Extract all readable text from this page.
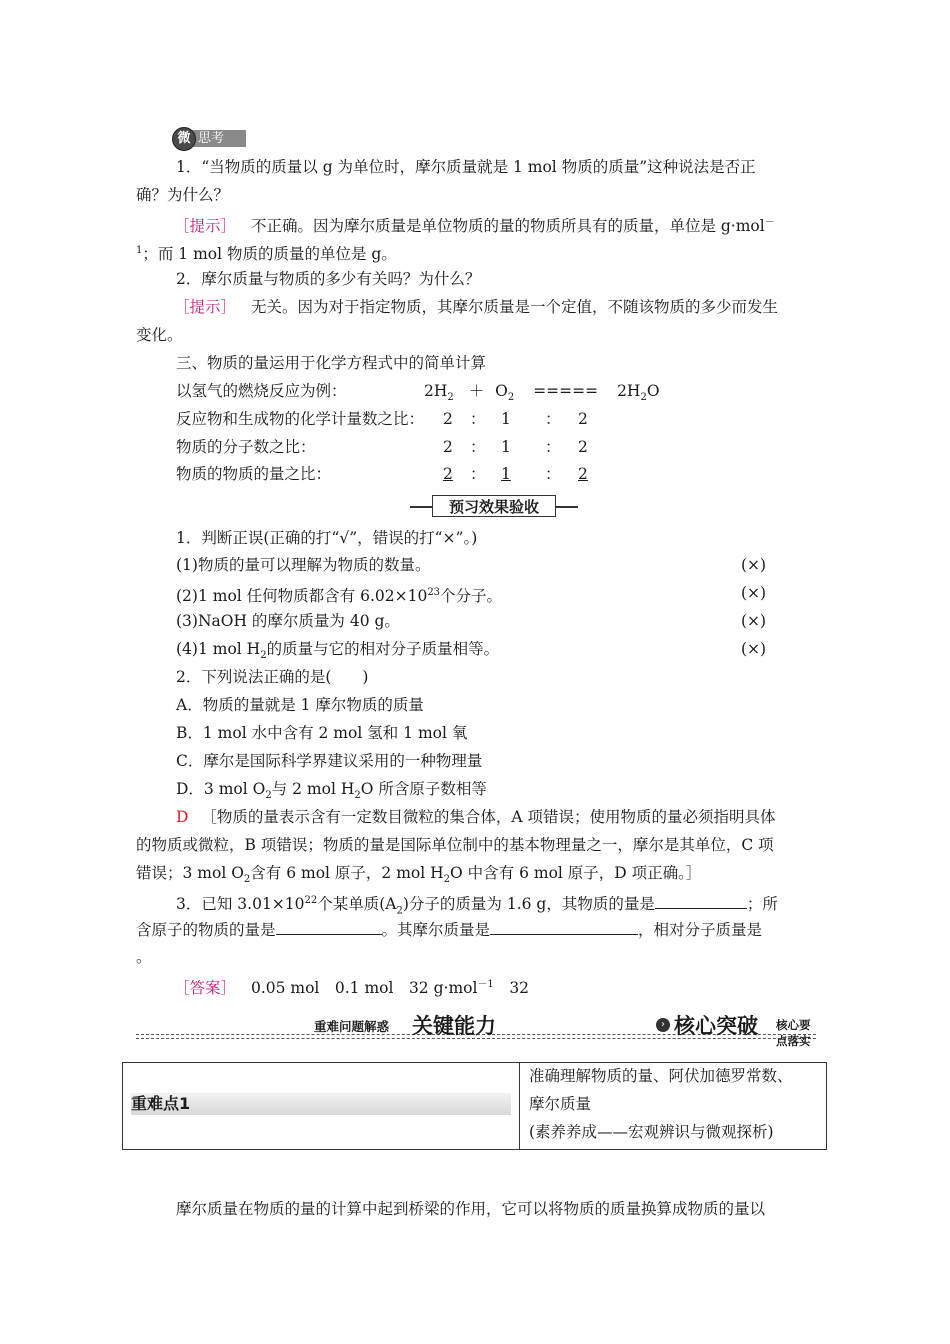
思考
微
1．“当物质的质量以 g 为单位时，摩尔质量就是 1 mol 物质的质量”这种说法是否正
确？为什么？
［提示］ 不正确。因为摩尔质量是单位物质的量的物质所具有的质量，单位是 g·mol－
$^1$；而 1 mol 物质的质量的单位是 g。
2．摩尔质量与物质的多少有关吗？为什么？
［提示］ 无关。因为对于指定物质，其摩尔质量是一个定值，不随该物质的多少而发生
变化。
三、物质的量运用于化学方程式中的简单计算
以氢气的燃烧反应为例：	$2H_2 + O_2$ ===== $2H_2O$
反应物和生成物的化学计量数之比： 2 ： 1 ： 2
物质的分子数之比：	2 ： 1 ： 2
物质的物质的量之比：	2 ： 1 ： 2
预习效果验收
1．判断正误(正确的打“√”，错误的打“×”。)
(1)物质的量可以理解为物质的数量。	(×)
(2)1 mol 任何物质都含有 $6.02\times 10^{23}$个分子。	(×)
(3)NaOH 的摩尔质量为 40 g。	(×)
(4)1 mol $H_2$的质量与它的相对分子质量相等。	(×)
2．下列说法正确的是(　　)
A．物质的量就是 1 摩尔物质的质量
B．1 mol 水中含有 2 mol 氢和 1 mol 氧
C．摩尔是国际科学界建议采用的一种物理量
D．3 mol $O_2$与 2 mol $H_2O$ 所含原子数相等
D ［物质的量表示含有一定数目微粒的集合体，A 项错误；使用物质的量必须指明具体
的物质或微粒，B 项错误；物质的量是国际单位制中的基本物理量之一，摩尔是其单位，C 项
错误；3 mol $O_2$含有 6 mol 原子，2 mol $H_2O$ 中含有 6 mol 原子，D 项正确。］
3．已知 $3.01\times 10^{22}$个某单质$(A_2)$分子的质量为 1.6 g，其物质的量是	；所
含原子的物质的量是	。其摩尔质量是	，相对分子质量是
。
［答案］ 0.05 mol　0.1 mol　32 g·mol$^{-1}$　32
重难问题解惑 关键能力	› 核心突破 核心要点落实
重难点1
准确理解物质的量、阿伏加德罗常数、
摩尔质量
(素养养成——宏观辨识与微观探析)
摩尔质量在物质的量的计算中起到桥梁的作用，它可以将物质的质量换算成物质的量以
